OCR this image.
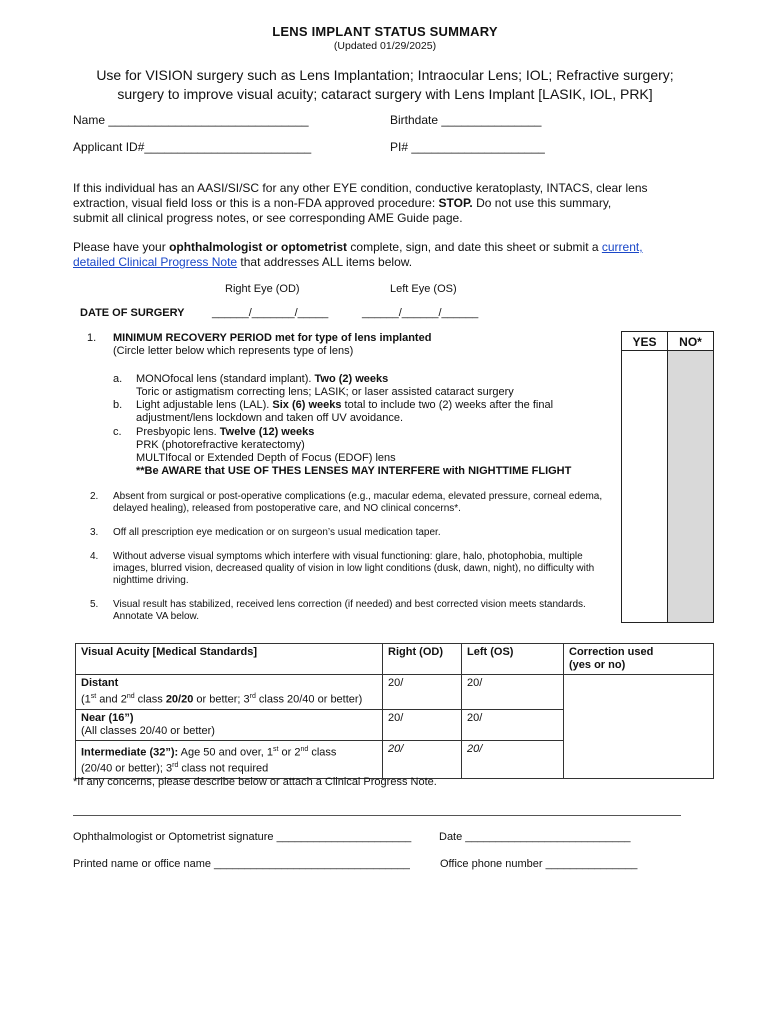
LENS IMPLANT STATUS SUMMARY
(Updated 01/29/2025)
Use for VISION surgery such as Lens Implantation; Intraocular Lens; IOL; Refractive surgery;
surgery to improve visual acuity; cataract surgery with Lens Implant [LASIK, IOL, PRK]
Name ______________________________	Birthdate _______________
Applicant ID#_________________________	PI# ____________________
If this individual has an AASI/SI/SC for any other EYE condition, conductive keratoplasty, INTACS, clear lens
extraction, visual field loss or this is a non-FDA approved procedure: STOP. Do not use this summary,
submit all clinical progress notes, or see corresponding AME Guide page.
Please have your ophthalmologist or optometrist complete, sign, and date this sheet or submit a current,
detailed Clinical Progress Note that addresses ALL items below.
Right Eye (OD)	Left Eye (OS)
DATE OF SURGERY ______/_______/_____	______/______/______
YES	NO*
1. MINIMUM RECOVERY PERIOD met for type of lens implanted
(Circle letter below which represents type of lens)
a. MONOfocal lens (standard implant). Two (2) weeks
Toric or astigmatism correcting lens; LASIK; or laser assisted cataract surgery
b. Light adjustable lens (LAL). Six (6) weeks total to include two (2) weeks after the final
adjustment/lens lockdown and taken off UV avoidance.
c. Presbyopic lens. Twelve (12) weeks
PRK (photorefractive keratectomy)
MULTIfocal or Extended Depth of Focus (EDOF) lens
**Be AWARE that USE OF THES LENSES MAY INTERFERE with NIGHTTIME FLIGHT
2. Absent from surgical or post-operative complications (e.g., macular edema, elevated pressure, corneal edema,
delayed healing), released from postoperative care, and NO clinical concerns*.
3. Off all prescription eye medication or on surgeon’s usual medication taper.
4. Without adverse visual symptoms which interfere with visual functioning: glare, halo, photophobia, multiple
images, blurred vision, decreased quality of vision in low light conditions (dusk, dawn, night), no difficulty with
nighttime driving.
5. Visual result has stabilized, received lens correction (if needed) and best corrected vision meets standards.
Annotate VA below.
Visual Acuity [Medical Standards]	Right (OD)	Left (OS)	Correction used
(yes or no)

Distant
(1st and 2nd class 20/20 or better; 3rd class 20/40 or better)	20/	20/	

Near (16”)
(All classes 20/40 or better)	20/	20/	

Intermediate (32”): Age 50 and over, 1st or 2nd class
(20/40 or better); 3rd class not required	20/	20/	
*If any concerns, please describe below or attach a Clinical Progress Note.
Ophthalmologist or Optometrist signature ______________________	Date ___________________________
Printed name or office name ________________________________	Office phone number _______________
